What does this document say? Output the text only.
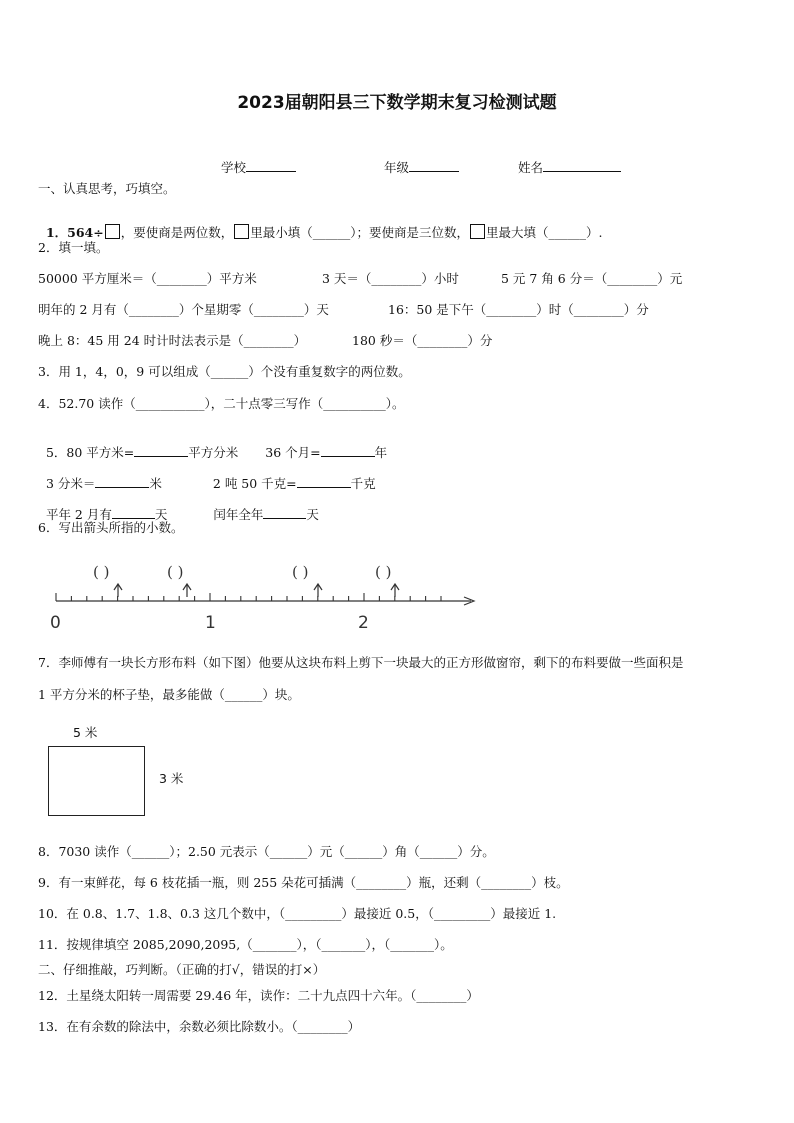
2023届朝阳县三下数学期末复习检测试题

学校	年级	姓名

一、认真思考，巧填空。

1．564÷ ，要使商是两位数， 里最小填（______）；要使商是三位数， 里最大填（______）.

2．填一填。
50000 平方厘米＝（________）平方米	3 天＝（________）小时	5 元 7 角 6 分＝（________）元
明年的 2 月有（________）个星期零（________）天	16：50 是下午（________）时（________）分
晚上 8：45 用 24 时计时法表示是（________）	180 秒＝（________）分
3．用 1，4，0，9 可以组成（______）个没有重复数字的两位数。
4．52.70 读作（___________），二十点零三写作（__________）。

5．80 平方米=	平方分米 36 个月=	年

3 分米＝	米	2 吨 50 千克=	千克

平年 2 月有	天	闰年全年	天

6．写出箭头所指的小数。
0	1	2
( )	( )	( )	( )
7．李师傅有一块长方形布料（如下图）他要从这块布料上剪下一块最大的正方形做窗帘，剩下的布料要做一些面积是
1 平方分米的杯子垫，最多能做（______）块。
5 米
3 米
8．7030 读作（______）；2.50 元表示（______）元（______）角（______）分。
9．有一束鲜花，每 6 枝花插一瓶，则 255 朵花可插满（________）瓶，还剩（________）枝。
10．在 0.8、1.7、1.8、0.3 这几个数中，（_________）最接近 0.5，（_________）最接近 1.
11．按规律填空 2085,2090,2095,（_______），（_______），（_______）。
二、仔细推敲，巧判断。（正确的打√，错误的打×）
12．土星绕太阳转一周需要 29.46 年，读作：二十九点四十六年。（________）
13．在有余数的除法中，余数必须比除数小。（________）
